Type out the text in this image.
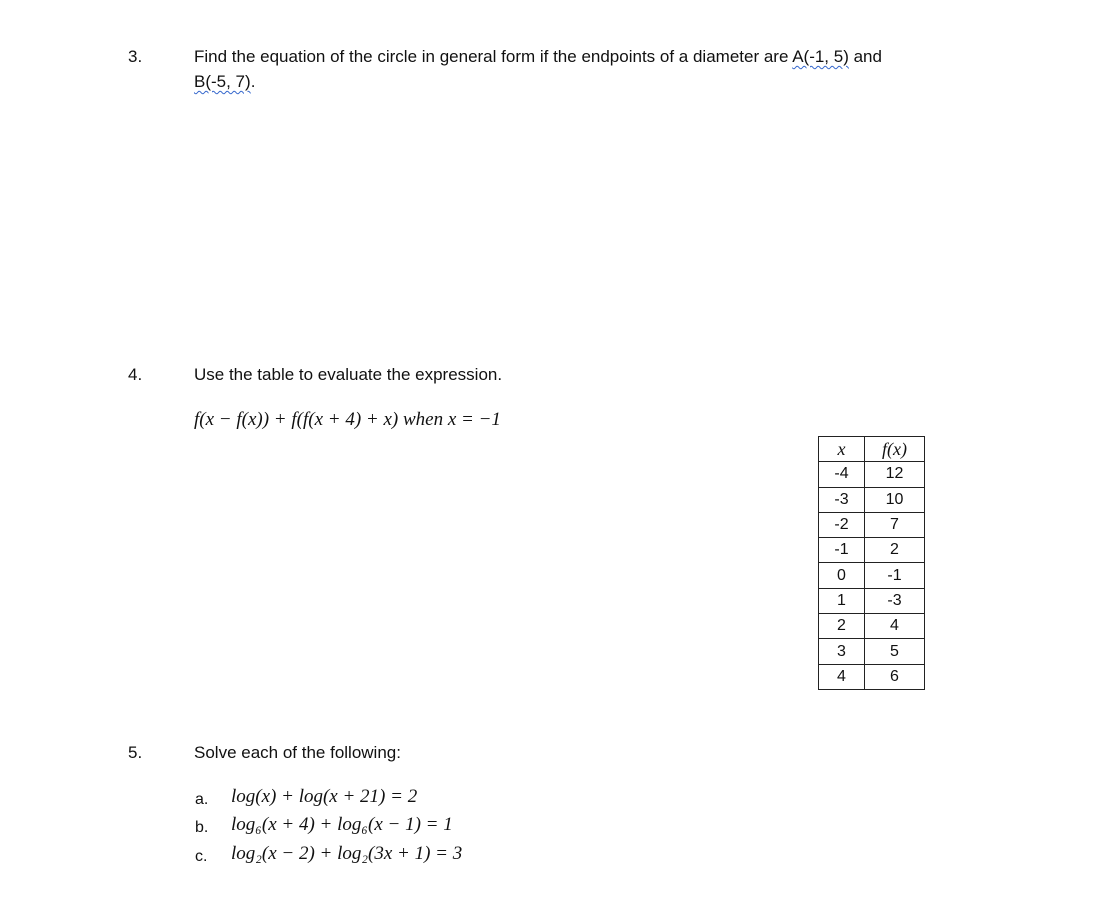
3.	Find the equation of the circle in general form if the endpoints of a diameter are A(-1, 5) and
B(-5, 7).
4.	Use the table to evaluate the expression.
f(x − f(x)) + f(f(x + 4) + x) when x = −1
x	f(x)
-4	12
-3	10
-2	7
-1	2
0	-1
1	-3
2	4
3	5
4	6
5.	Solve each of the following:
a. log(x) + log(x + 21) = 2
b. log₆(x + 4) + log₆(x − 1) = 1
c. log₂(x − 2) + log₂(3x + 1) = 3
